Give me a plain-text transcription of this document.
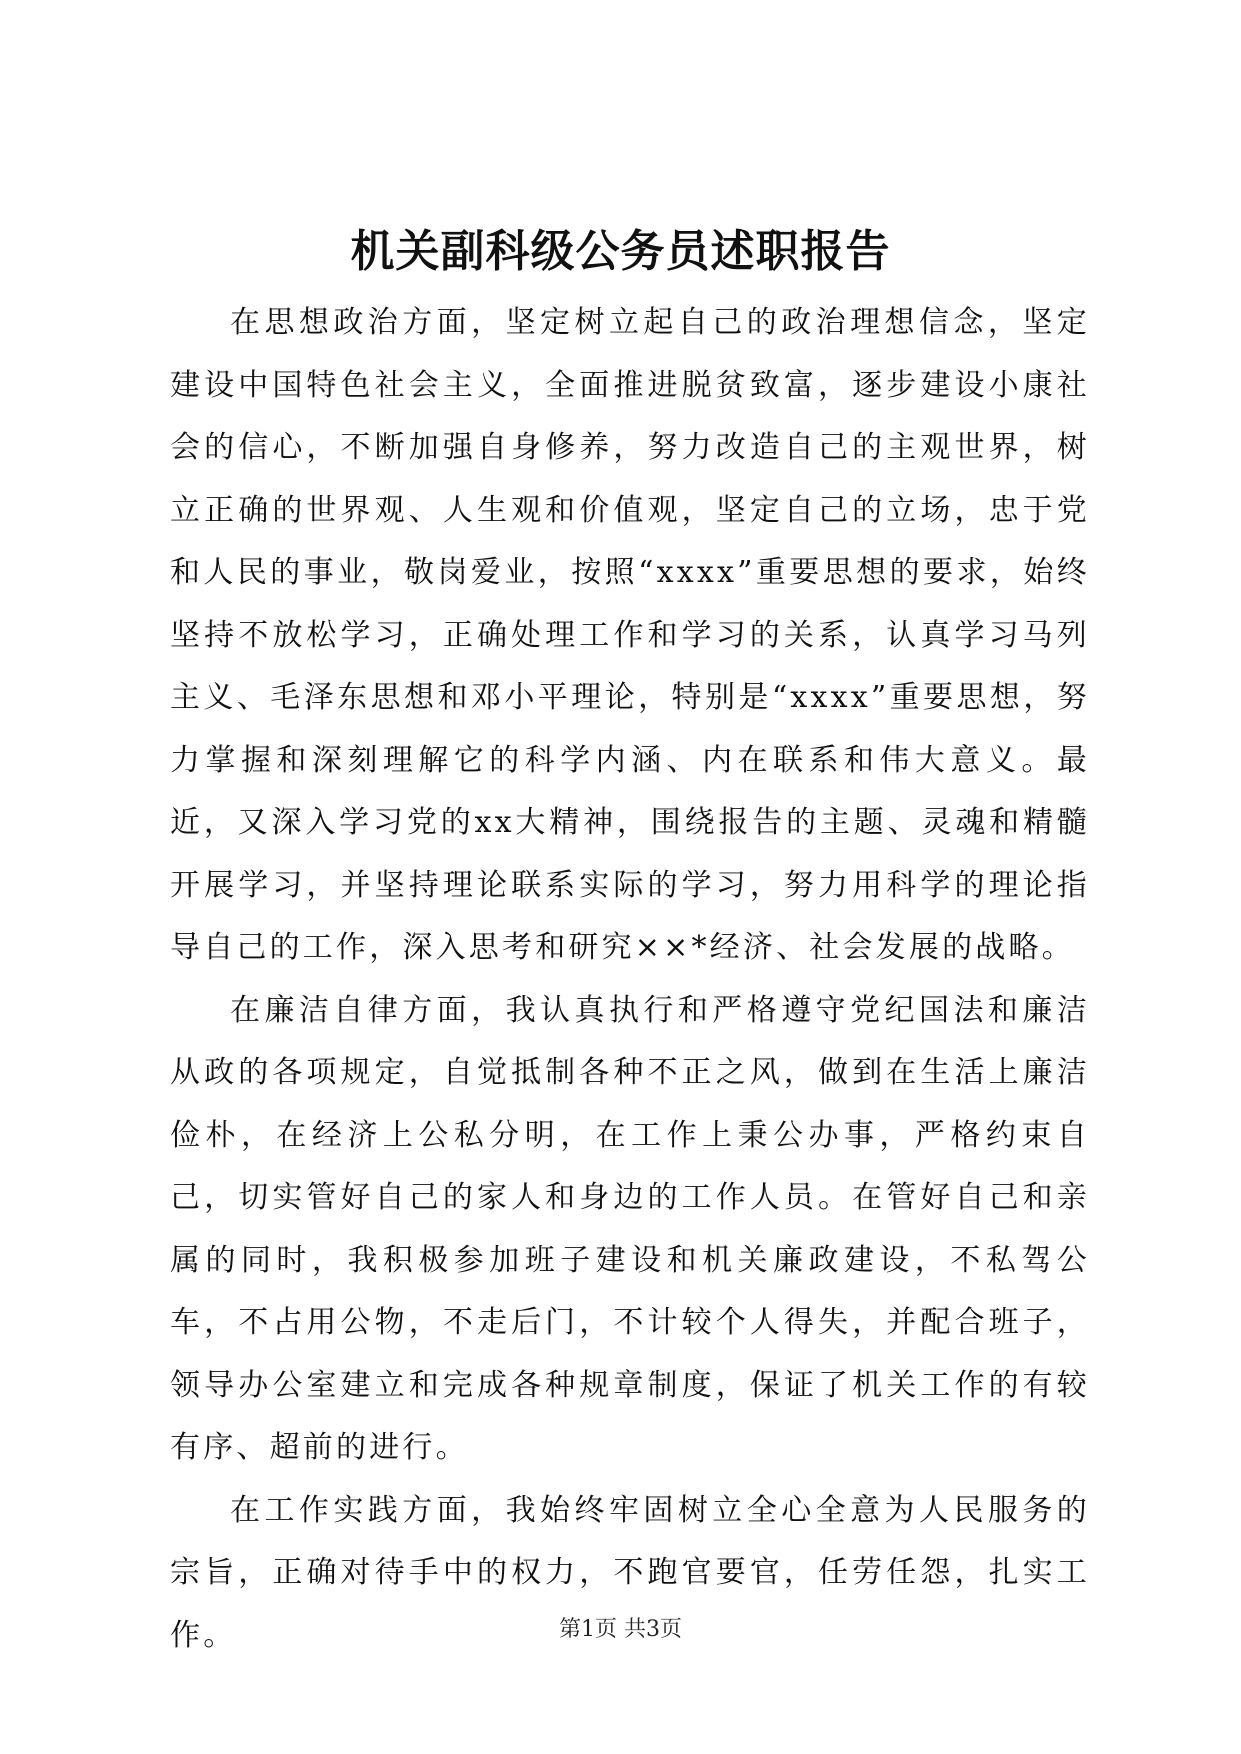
机关副科级公务员述职报告

在思想政治方面，坚定树立起自己的政治理想信念，坚定建设中国特色社会主义，全面推进脱贫致富，逐步建设小康社会的信心，不断加强自身修养，努力改造自己的主观世界，树立正确的世界观、人生观和价值观，坚定自己的立场，忠于党和人民的事业，敬岗爱业，按照“xxxx”重要思想的要求，始终坚持不放松学习，正确处理工作和学习的关系，认真学习马列主义、毛泽东思想和邓小平理论，特别是“xxxx”重要思想，努力掌握和深刻理解它的科学内涵、内在联系和伟大意义。最近，又深入学习党的xx大精神，围绕报告的主题、灵魂和精髓开展学习，并坚持理论联系实际的学习，努力用科学的理论指导自己的工作，深入思考和研究××*经济、社会发展的战略。

在廉洁自律方面，我认真执行和严格遵守党纪国法和廉洁从政的各项规定，自觉抵制各种不正之风，做到在生活上廉洁俭朴，在经济上公私分明，在工作上秉公办事，严格约束自己，切实管好自己的家人和身边的工作人员。在管好自己和亲属的同时，我积极参加班子建设和机关廉政建设，不私驾公车，不占用公物，不走后门，不计较个人得失，并配合班子，领导办公室建立和完成各种规章制度，保证了机关工作的有较有序、超前的进行。

在工作实践方面，我始终牢固树立全心全意为人民服务的宗旨，正确对待手中的权力，不跑官要官，任劳任怨，扎实工作。	第1页 共3页
